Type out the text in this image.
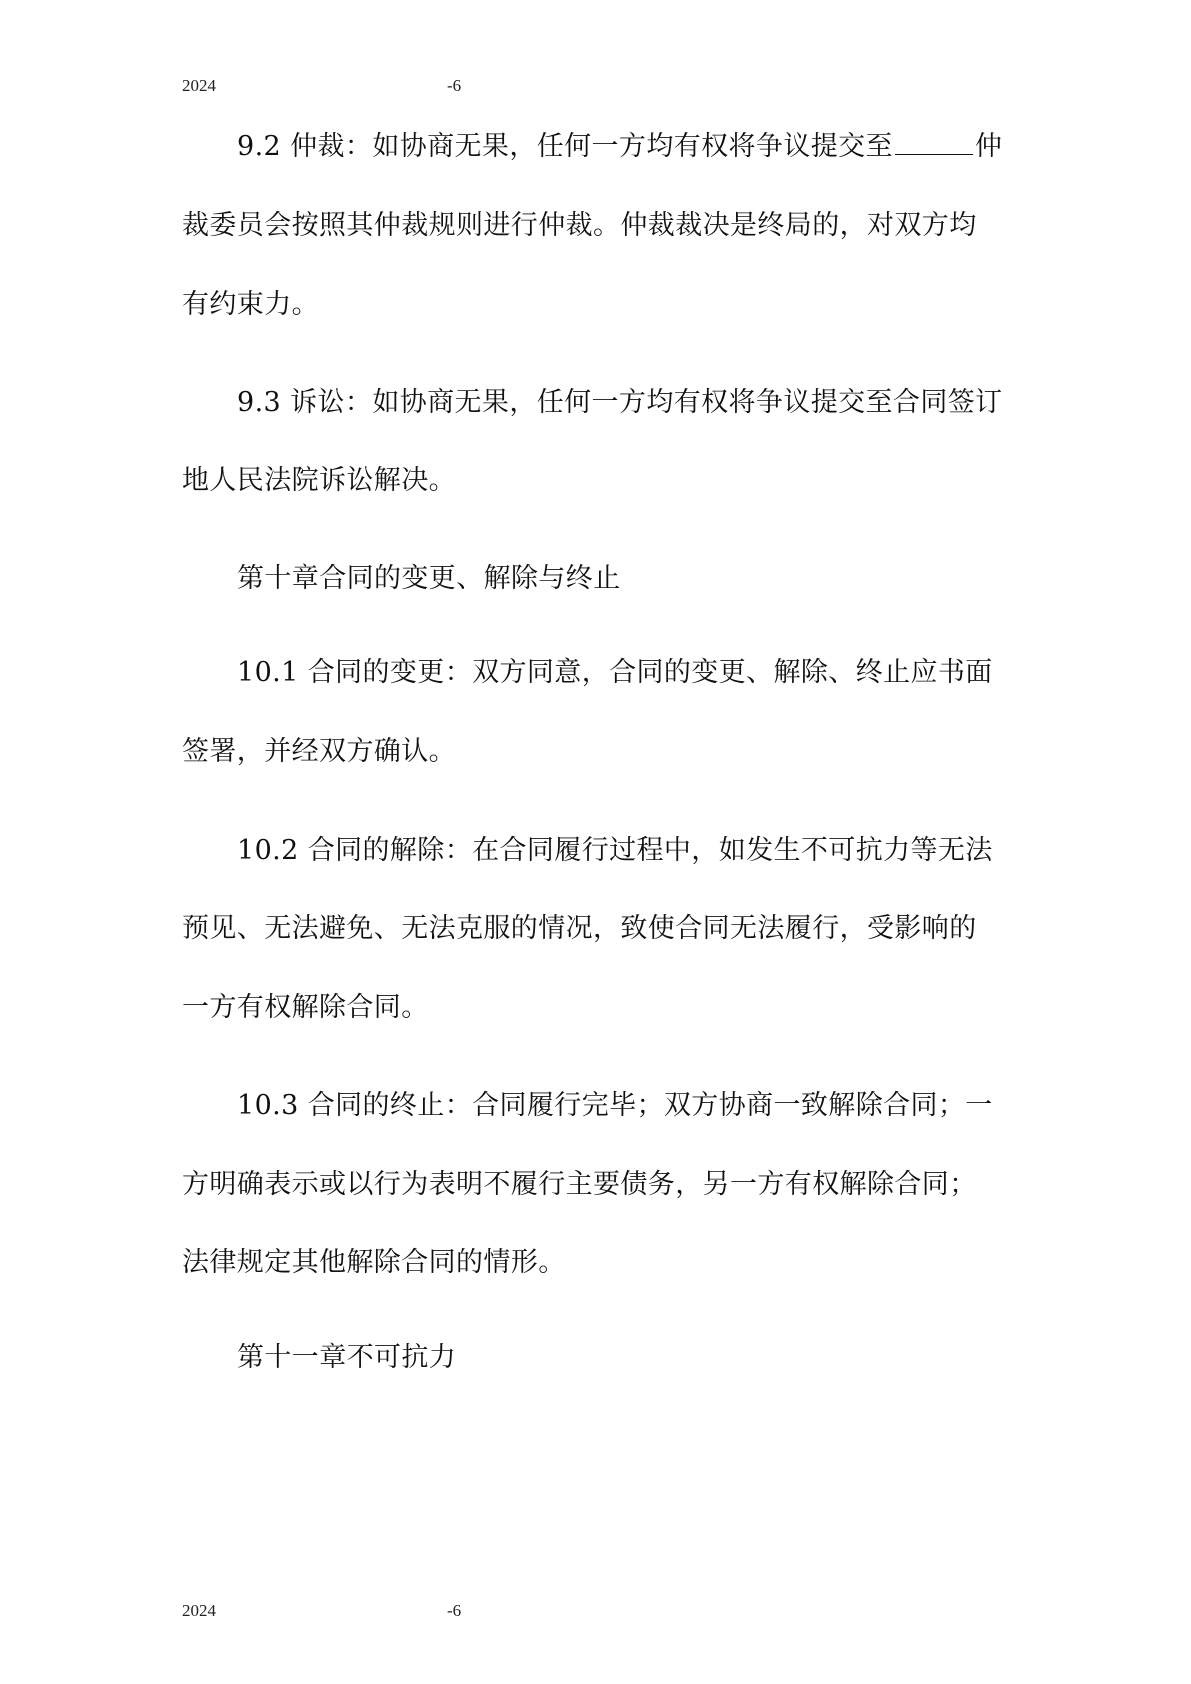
2024	-6
9.2 仲裁：如协商无果，任何一方均有权将争议提交至	仲
裁委员会按照其仲裁规则进行仲裁。仲裁裁决是终局的，对双方均
有约束力。
9.3 诉讼：如协商无果，任何一方均有权将争议提交至合同签订
地人民法院诉讼解决。
第十章合同的变更、解除与终止
10.1 合同的变更：双方同意，合同的变更、解除、终止应书面
签署，并经双方确认。
10.2 合同的解除：在合同履行过程中，如发生不可抗力等无法
预见、无法避免、无法克服的情况，致使合同无法履行，受影响的
一方有权解除合同。
10.3 合同的终止：合同履行完毕；双方协商一致解除合同；一
方明确表示或以行为表明不履行主要债务，另一方有权解除合同；
法律规定其他解除合同的情形。
第十一章不可抗力
2024	-6
